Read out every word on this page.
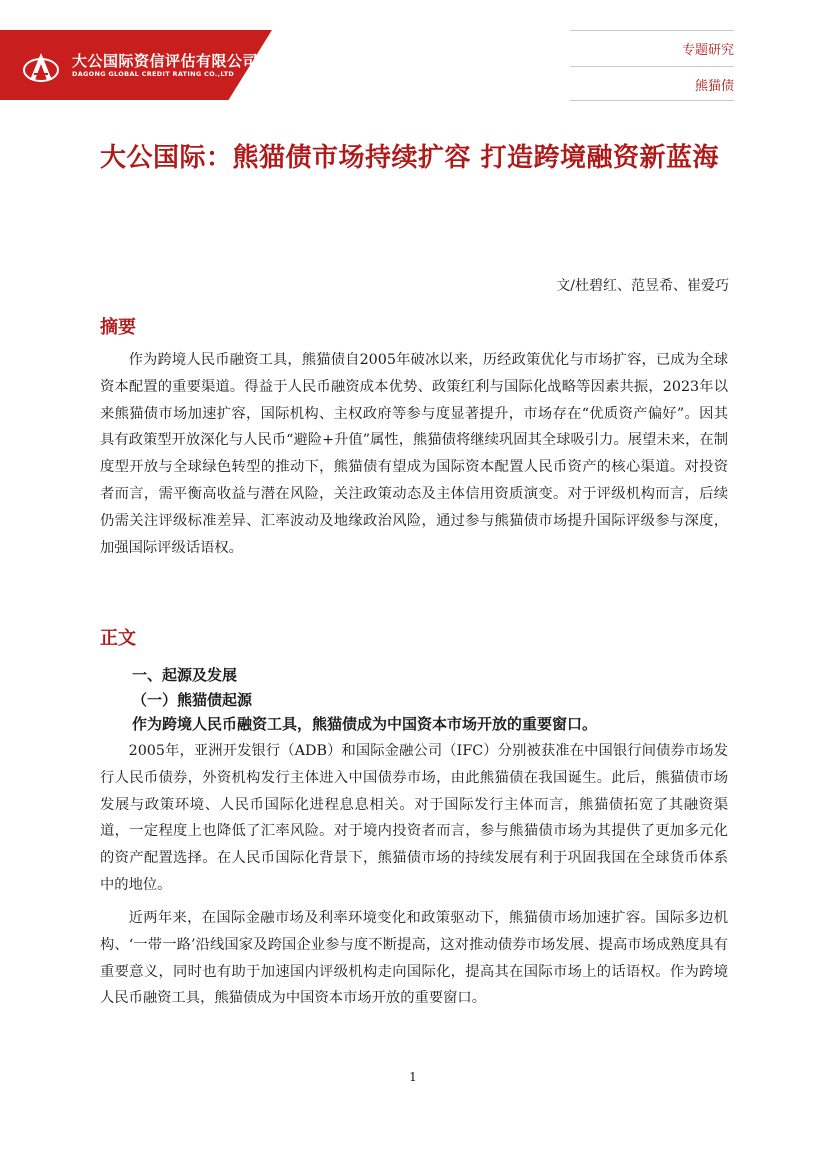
大公国际资信评估有限公司
DAGONG GLOBAL CREDIT RATING CO.,LTD
专题研究
熊猫债
大公国际：熊猫债市场持续扩容 打造跨境融资新蓝海
文/杜碧红、范昱希、崔爱巧
摘要

作为跨境人民币融资工具，熊猫债自2005年破冰以来，历经政策优化与市场扩容，已成为全球资本配置的重要渠道。得益于人民币融资成本优势、政策红利与国际化战略等因素共振，2023年以来熊猫债市场加速扩容，国际机构、主权政府等参与度显著提升，市场存在“优质资产偏好”。因其具有政策型开放深化与人民币“避险+升值”属性，熊猫债将继续巩固其全球吸引力。展望未来，在制度型开放与全球绿色转型的推动下，熊猫债有望成为国际资本配置人民币资产的核心渠道。对投资者而言，需平衡高收益与潜在风险，关注政策动态及主体信用资质演变。对于评级机构而言，后续仍需关注评级标准差异、汇率波动及地缘政治风险，通过参与熊猫债市场提升国际评级参与深度，加强国际评级话语权。

正文
一、起源及发展
（一）熊猫债起源
作为跨境人民币融资工具，熊猫债成为中国资本市场开放的重要窗口。

2005年，亚洲开发银行（ADB）和国际金融公司（IFC）分别被获准在中国银行间债券市场发行人民币债券，外资机构发行主体进入中国债券市场，由此熊猫债在我国诞生。此后，熊猫债市场发展与政策环境、人民币国际化进程息息相关。对于国际发行主体而言，熊猫债拓宽了其融资渠道，一定程度上也降低了汇率风险。对于境内投资者而言，参与熊猫债市场为其提供了更加多元化的资产配置选择。在人民币国际化背景下，熊猫债市场的持续发展有利于巩固我国在全球货币体系中的地位。

近两年来，在国际金融市场及利率环境变化和政策驱动下，熊猫债市场加速扩容。国际多边机构、‘一带一路’沿线国家及跨国企业参与度不断提高，这对推动债券市场发展、提高市场成熟度具有重要意义，同时也有助于加速国内评级机构走向国际化，提高其在国际市场上的话语权。作为跨境人民币融资工具，熊猫债成为中国资本市场开放的重要窗口。

1
